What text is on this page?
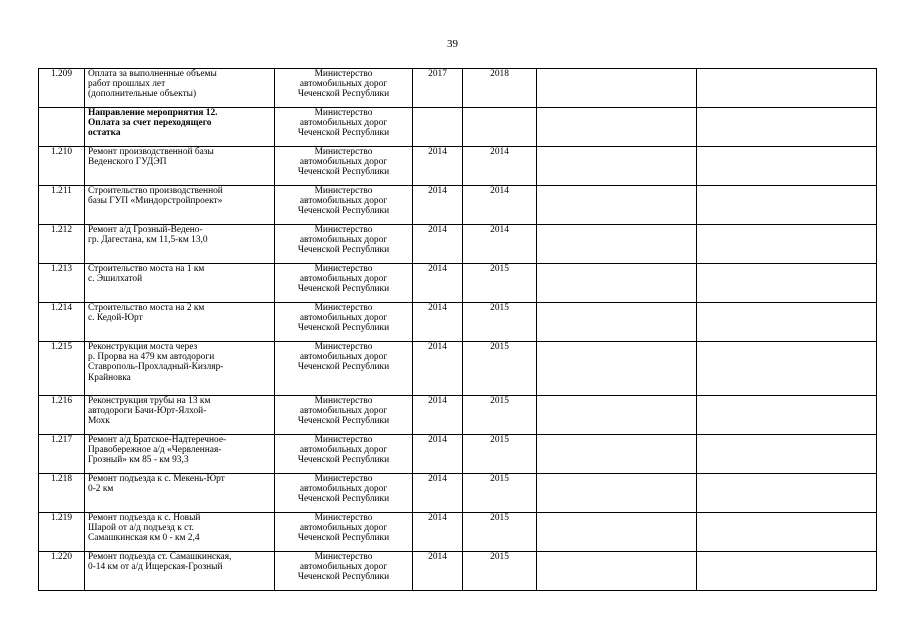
39
1.209	Оплата за выполненные объемы
работ прошлых лет
(дополнительные объекты)	Министерство
автомобильных дорог
Чеченской Республики	2017	2018		
	Направление мероприятия 12.
Оплата за счет переходящего
остатка	Министерство
автомобильных дорог
Чеченской Республики				
1.210	Ремонт производственной базы
Веденского ГУДЭП	Министерство
автомобильных дорог
Чеченской Республики	2014	2014		
1.211	Строительство производственной
базы ГУП «Миндорстройпроект»	Министерство
автомобильных дорог
Чеченской Республики	2014	2014		
1.212	Ремонт а/д Грозный-Ведено-
гр. Дагестана, км 11,5-км 13,0	Министерство
автомобильных дорог
Чеченской Республики	2014	2014		
1.213	Строительство моста на 1 км
с. Эшилхатой	Министерство
автомобильных дорог
Чеченской Республики	2014	2015		
1.214	Строительство моста на 2 км
с. Кедой-Юрт	Министерство
автомобильных дорог
Чеченской Республики	2014	2015		
1.215	Реконструкция моста через
р. Прорва на 479 км автодороги
Ставрополь-Прохладный-Кизляр-
Крайновка	Министерство
автомобильных дорог
Чеченской Республики	2014	2015		
1.216	Реконструкция трубы на 13 км
автодороги Бачи-Юрт-Ялхой-
Мохк	Министерство
автомобильных дорог
Чеченской Республики	2014	2015		
1.217	Ремонт а/д Братское-Надтеречное-
Правобережное а/д «Червленная-
Грозный» км 85 - км 93,3	Министерство
автомобильных дорог
Чеченской Республики	2014	2015		
1.218	Ремонт подъезда к с. Мекень-Юрт
0-2 км	Министерство
автомобильных дорог
Чеченской Республики	2014	2015		
1.219	Ремонт подъезда к с. Новый
Шарой от а/д подъезд к ст.
Самашкинская км 0 - км 2,4	Министерство
автомобильных дорог
Чеченской Республики	2014	2015		
1.220	Ремонт подъезда ст. Самашкинская,
0-14 км от а/д Ищерская-Грозный	Министерство
автомобильных дорог
Чеченской Республики	2014	2015		
